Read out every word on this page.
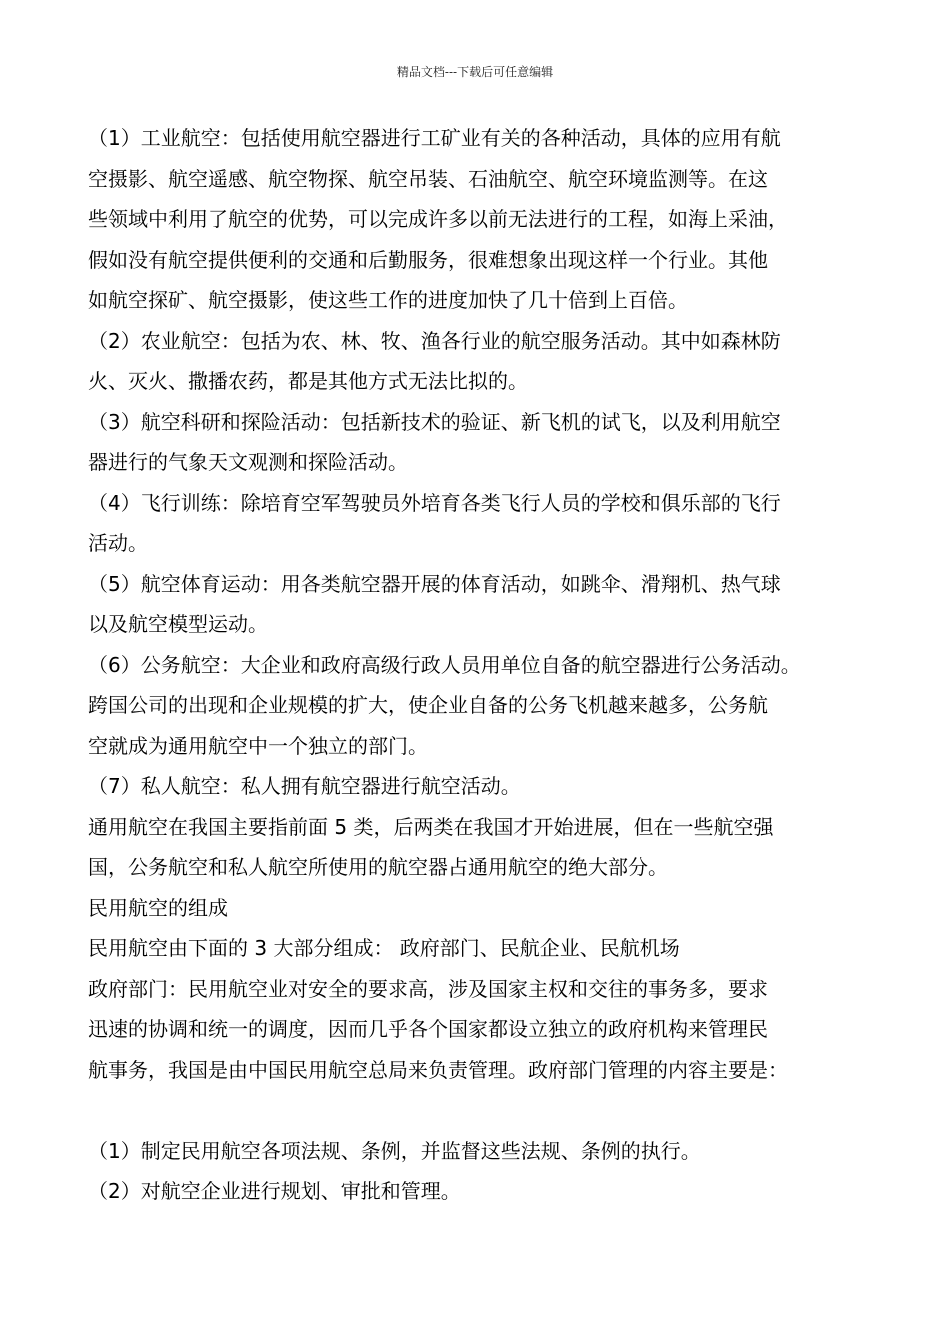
精品文档---下载后可任意编辑

（1）工业航空：包括使用航空器进行工矿业有关的各种活动，具体的应用有航

空摄影、航空遥感、航空物探、航空吊装、石油航空、航空环境监测等。在这

些领域中利用了航空的优势，可以完成许多以前无法进行的工程，如海上采油，

假如没有航空提供便利的交通和后勤服务，很难想象出现这样一个行业。其他

如航空探矿、航空摄影，使这些工作的进度加快了几十倍到上百倍。

（2）农业航空：包括为农、林、牧、渔各行业的航空服务活动。其中如森林防

火、灭火、撒播农药，都是其他方式无法比拟的。

（3）航空科研和探险活动：包括新技术的验证、新飞机的试飞，以及利用航空

器进行的气象天文观测和探险活动。

（4）飞行训练：除培育空军驾驶员外培育各类飞行人员的学校和俱乐部的飞行

活动。

（5）航空体育运动：用各类航空器开展的体育活动，如跳伞、滑翔机、热气球

以及航空模型运动。

（6）公务航空：大企业和政府高级行政人员用单位自备的航空器进行公务活动。

跨国公司的出现和企业规模的扩大，使企业自备的公务飞机越来越多，公务航

空就成为通用航空中一个独立的部门。

（7）私人航空：私人拥有航空器进行航空活动。

通用航空在我国主要指前面 5 类，后两类在我国才开始进展，但在一些航空强

国，公务航空和私人航空所使用的航空器占通用航空的绝大部分。

民用航空的组成

民用航空由下面的 3 大部分组成： 政府部门、民航企业、民航机场

政府部门：民用航空业对安全的要求高，涉及国家主权和交往的事务多，要求

迅速的协调和统一的调度，因而几乎各个国家都设立独立的政府机构来管理民

航事务，我国是由中国民用航空总局来负责管理。政府部门管理的内容主要是：

（1）制定民用航空各项法规、条例，并监督这些法规、条例的执行。

（2）对航空企业进行规划、审批和管理。
